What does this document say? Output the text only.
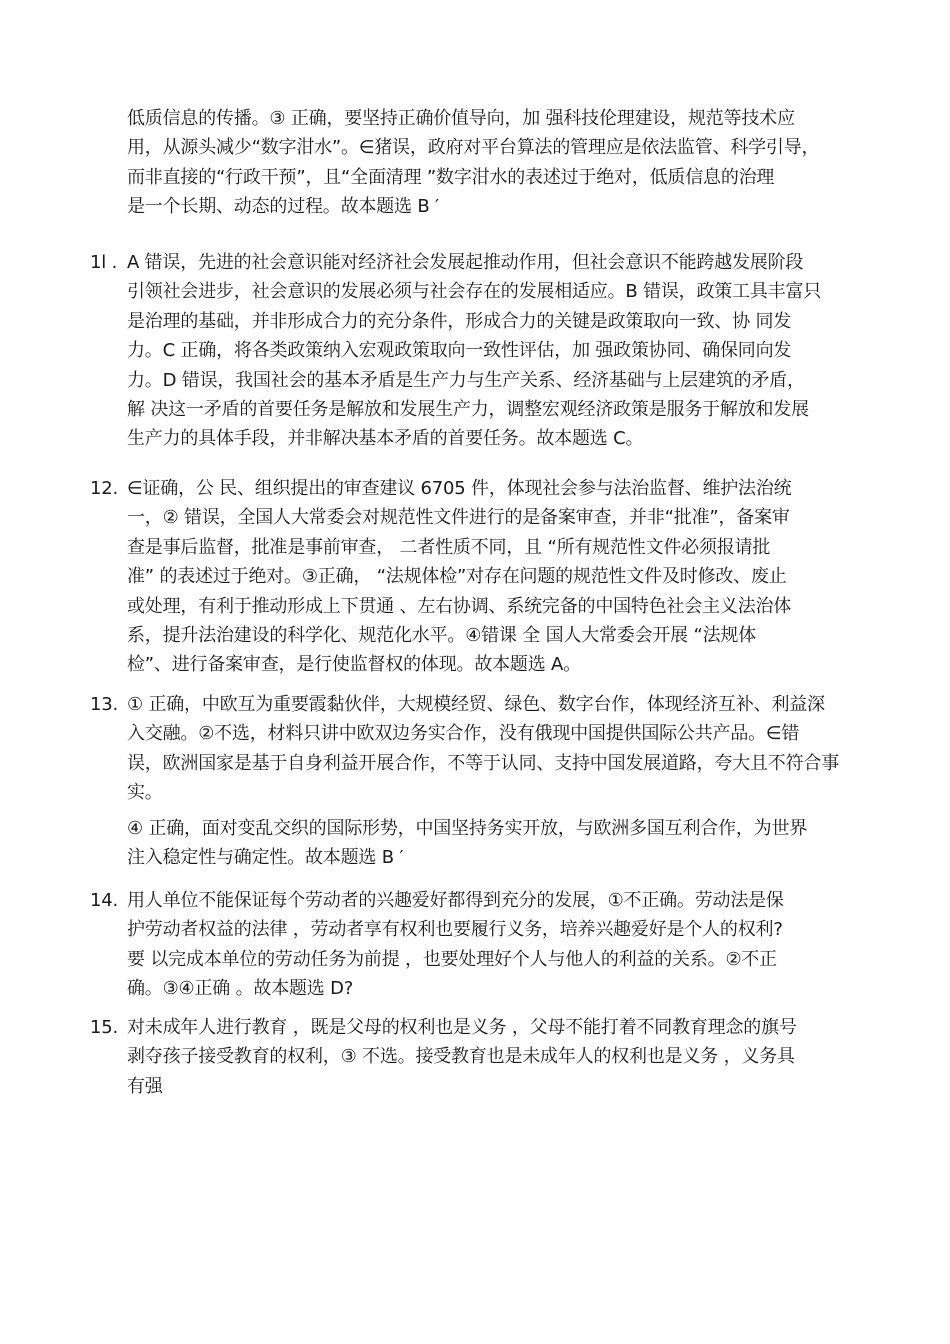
低质信息的传播。③ 正确，要坚持正确价值导向，加 强科技伦理建设，规范等技术应
用，从源头减少“数字泔水”。∈猪误，政府对平台算法的管理应是依法监管、科学引导，
而非直接的“行政干预”，且“全面清理 ”数字泔水的表述过于绝对，低质信息的治理
是一个长期、动态的过程。故本题选 B ′
1l . A 错误，先进的社会意识能对经济社会发展起推动作用，但社会意识不能跨越发展阶段
引领社会进步，社会意识的发展必须与社会存在的发展相适应。B 错误，政策工具丰富只
是治理的基础，并非形成合力的充分条件，形成合力的关键是政策取向一致、协 同发
力。C 正确，将各类政策纳入宏观政策取向一致性评估，加 强政策协同、确保同向发
力。D 错误，我国社会的基本矛盾是生产力与生产关系、经济基础与上层建筑的矛盾，
解 决这一矛盾的首要任务是解放和发展生产力，调整宏观经济政策是服务于解放和发展
生产力的具体手段，并非解决基本矛盾的首要任务。故本题选 C。
12. ∈证确，公 民、组织提出的审查建议 6705 件，体现社会参与法治监督、维护法治统
一，② 错误，全国人大常委会对规范性文件进行的是备案审查，并非“批准”，备案审
查是事后监督，批准是事前审查， 二者性质不同，且 “所有规范性文件必须报请批
准” 的表述过于绝对。③正确， “法规体检”对存在问题的规范性文件及时修改、废止
或处理，有利于推动形成上下贯通 、左右协调、系统完备的中国特色社会主义法治体
系，提升法治建设的科学化、规范化水平。④错课 全 国人大常委会开展 “法规体
检”、进行备案审查，是行使监督权的体现。故本题选 A。
13. ① 正确，中欧互为重要霞黏伙伴，大规模经贸、绿色、数字台作，体现经济互补、利益深
入交融。②不选，材料只讲中欧双边务实合作，没有俄现中国提供国际公共产品。∈错
误，欧洲国家是基于自身利益开展合作，不等于认同、支持中国发展道路，夸大且不符合事
实。
④ 正确，面对变乱交织的国际形势，中国坚持务实开放，与欧洲多国互利合作，为世界
注入稳定性与确定性。故本题选 B ′
14. 用人单位不能保证每个劳动者的兴趣爱好都得到充分的发展，①不正确。劳动法是保
护劳动者权益的法律 ，劳动者享有权利也要履行义务，培养兴趣爱好是个人的权利?
要 以完成本单位的劳动任务为前提 ，也要处理好个人与他人的利益的关系。②不正
确。③④正确 。故本题选 D?
15. 对未成年人进行教育 ，既是父母的权利也是义务 ，父母不能打着不同教育理念的旗号
剥夺孩子接受教育的权利，③ 不选。接受教育也是未成年人的权利也是义务 ，义务具
有强
